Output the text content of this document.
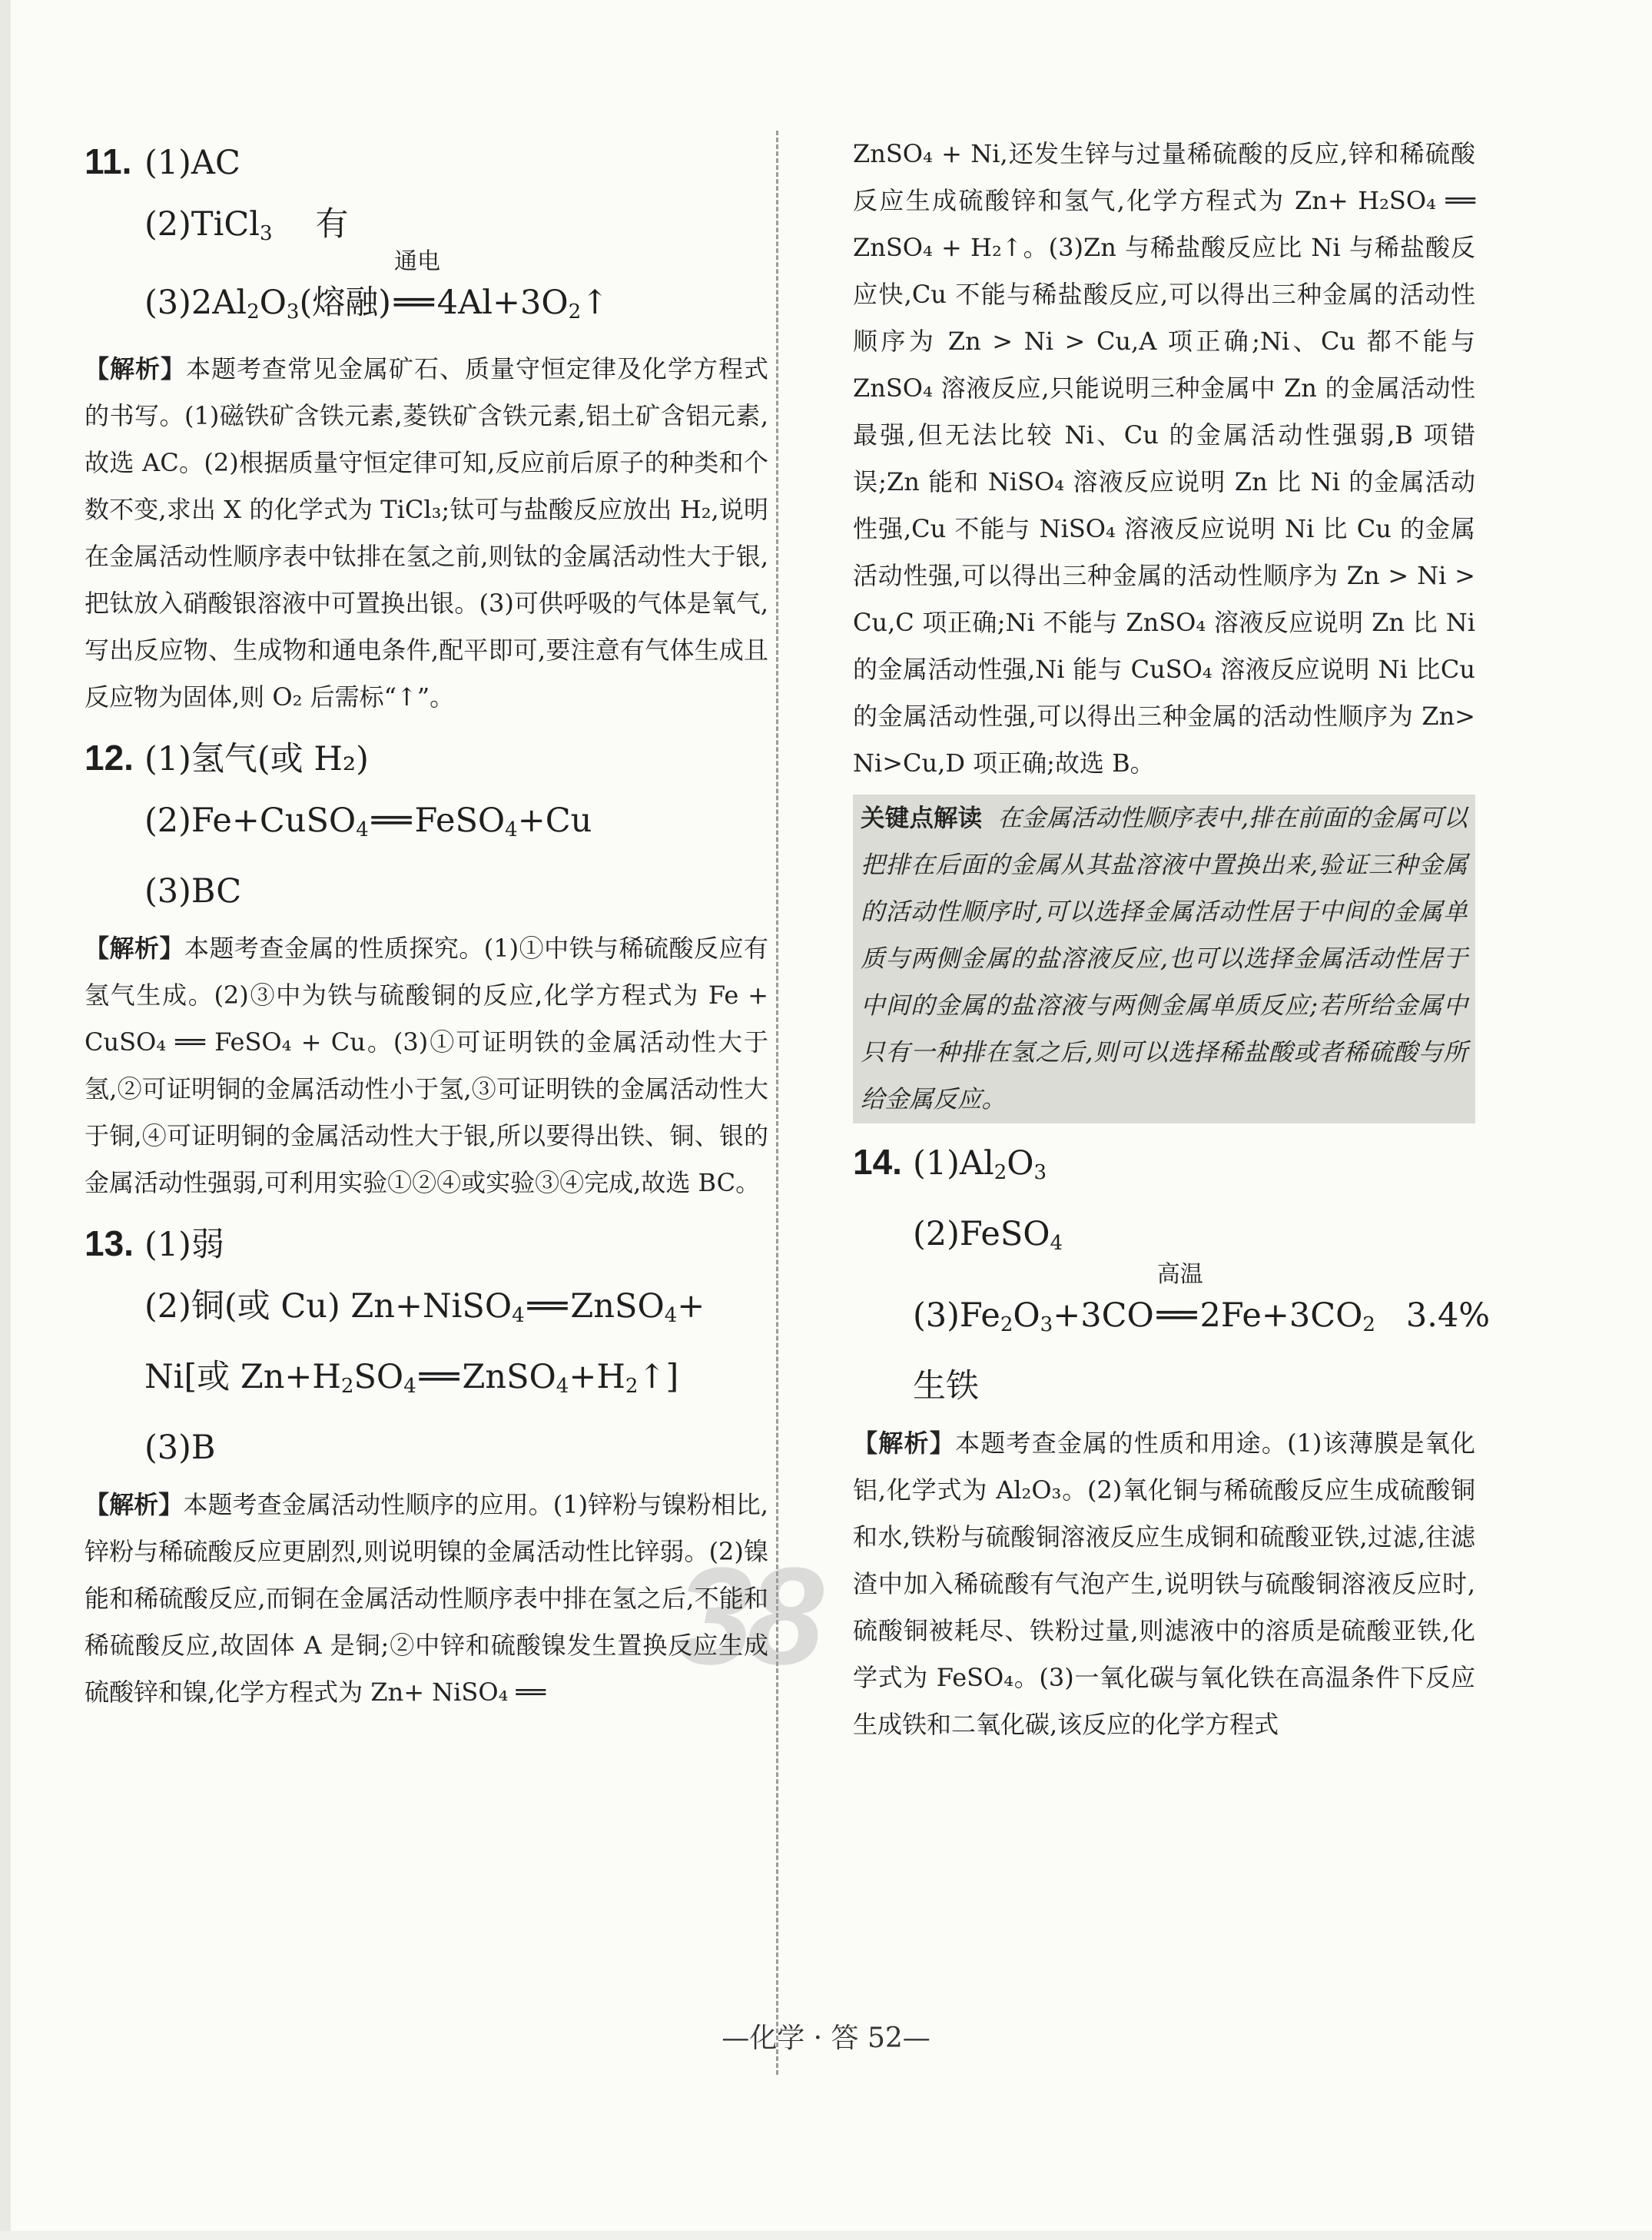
38
11. (1)AC
(2)TiCl$_3$ 有
$(3)2Al_2O_3$(熔融)
通电
$══4Al+3O_2↑$
【解析】本题考查常见金属矿石、质量守恒定律及化学方程式的书写。(1)磁铁矿含铁元素,菱铁矿含铁元素,铝土矿含铝元素,故选 AC。(2)根据质量守恒定律可知,反应前后原子的种类和个数不变,求出 X 的化学式为 TiCl₃;钛可与盐酸反应放出 H₂,说明在金属活动性顺序表中钛排在氢之前,则钛的金属活动性大于银,把钛放入硝酸银溶液中可置换出银。(3)可供呼吸的气体是氧气,写出反应物、生成物和通电条件,配平即可,要注意有气体生成且反应物为固体,则 O₂ 后需标“↑”。
12. (1)氢气(或 H₂)
(2)Fe+CuSO$_4$══FeSO$_4$+Cu
(3)BC
【解析】本题考查金属的性质探究。(1)①中铁与稀硫酸反应有氢气生成。(2)③中为铁与硫酸铜的反应,化学方程式为 Fe + CuSO₄ ══ FeSO₄ + Cu。(3)①可证明铁的金属活动性大于氢,②可证明铜的金属活动性小于氢,③可证明铁的金属活动性大于铜,④可证明铜的金属活动性大于银,所以要得出铁、铜、银的金属活动性强弱,可利用实验①②④或实验③④完成,故选 BC。
13. (1)弱
(2)铜(或 Cu) Zn+NiSO$_4$══ZnSO$_4$+
Ni[或 $Zn+H_2SO_4══ZnSO_4+H_2↑$]
(3)B
【解析】本题考查金属活动性顺序的应用。(1)锌粉与镍粉相比,锌粉与稀硫酸反应更剧烈,则说明镍的金属活动性比锌弱。(2)镍能和稀硫酸反应,而铜在金属活动性顺序表中排在氢之后,不能和稀硫酸反应,故固体 A 是铜;②中锌和硫酸镍发生置换反应生成硫酸锌和镍,化学方程式为 Zn+ NiSO₄ ══
ZnSO₄ + Ni,还发生锌与过量稀硫酸的反应,锌和稀硫酸反应生成硫酸锌和氢气,化学方程式为 Zn+ H₂SO₄ ══ ZnSO₄ + H₂↑。(3)Zn 与稀盐酸反应比 Ni 与稀盐酸反应快,Cu 不能与稀盐酸反应,可以得出三种金属的活动性顺序为 Zn > Ni > Cu,A 项正确;Ni、Cu 都不能与 ZnSO₄ 溶液反应,只能说明三种金属中 Zn 的金属活动性最强,但无法比较 Ni、Cu 的金属活动性强弱,B 项错误;Zn 能和 NiSO₄ 溶液反应说明 Zn 比 Ni 的金属活动性强,Cu 不能与 NiSO₄ 溶液反应说明 Ni 比 Cu 的金属活动性强,可以得出三种金属的活动性顺序为 Zn > Ni > Cu,C 项正确;Ni 不能与 ZnSO₄ 溶液反应说明 Zn 比 Ni 的金属活动性强,Ni 能与 CuSO₄ 溶液反应说明 Ni 比Cu 的金属活动性强,可以得出三种金属的活动性顺序为 Zn> Ni>Cu,D 项正确;故选 B。
关键点解读 在金属活动性顺序表中,排在前面的金属可以把排在后面的金属从其盐溶液中置换出来,验证三种金属的活动性顺序时,可以选择金属活动性居于中间的金属单质与两侧金属的盐溶液反应,也可以选择金属活动性居于中间的金属的盐溶液与两侧金属单质反应;若所给金属中只有一种排在氢之后,则可以选择稀盐酸或者稀硫酸与所给金属反应。
14. $(1)Al_2O_3$
(2)FeSO$_4$
$(3)Fe_2O_3+3CO$
高温
$══2Fe+3CO_2$ 3.4%
生铁
【解析】本题考查金属的性质和用途。(1)该薄膜是氧化铝,化学式为 Al₂O₃。(2)氧化铜与稀硫酸反应生成硫酸铜和水,铁粉与硫酸铜溶液反应生成铜和硫酸亚铁,过滤,往滤渣中加入稀硫酸有气泡产生,说明铁与硫酸铜溶液反应时,硫酸铜被耗尽、铁粉过量,则滤液中的溶质是硫酸亚铁,化学式为 FeSO₄。(3)一氧化碳与氧化铁在高温条件下反应生成铁和二氧化碳,该反应的化学方程式
—化学 · 答 52—
